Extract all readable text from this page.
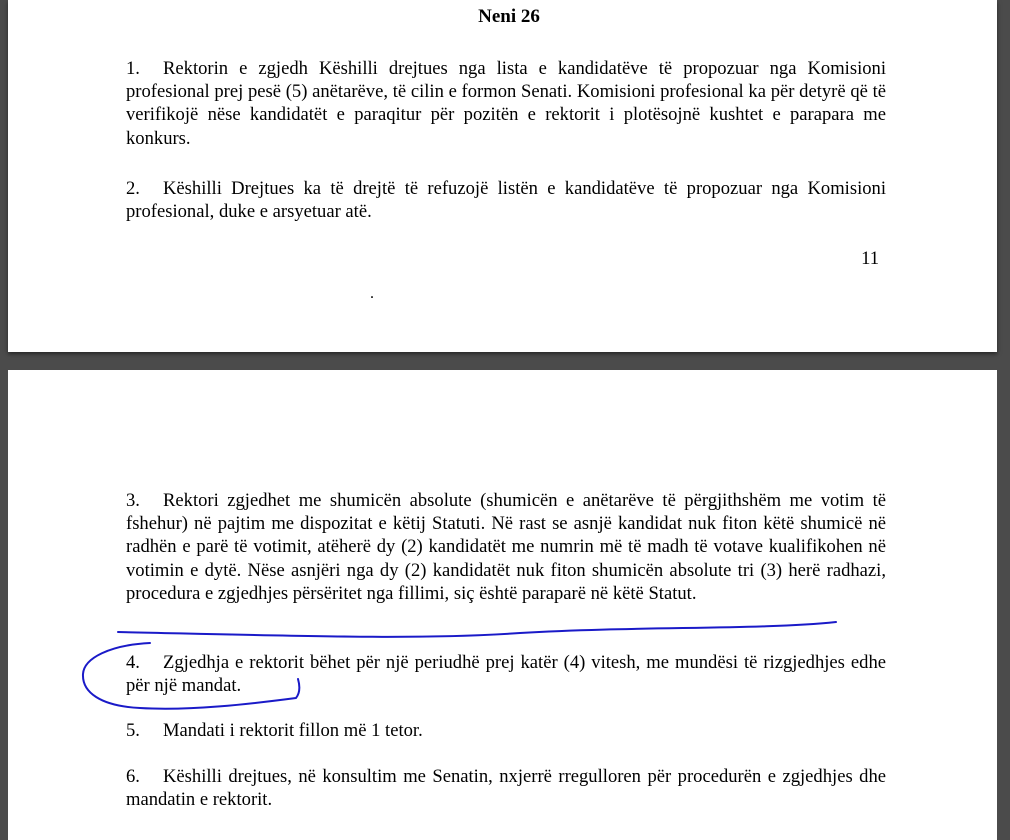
Neni 26
1. Rektorin e zgjedh Këshilli drejtues nga lista e kandidatëve të propozuar nga Komisioni profesional prej pesë (5) anëtarëve, të cilin e formon Senati. Komisioni profesional ka për detyrë që të verifikojë nëse kandidatët e paraqitur për pozitën e rektorit i plotësojnë kushtet e parapara me konkurs.
2. Këshilli Drejtues ka të drejtë të refuzojë listën e kandidatëve të propozuar nga Komisioni profesional, duke e arsyetuar atë.
11
.
3. Rektori zgjedhet me shumicën absolute (shumicën e anëtarëve të përgjithshëm me votim të fshehur) në pajtim me dispozitat e këtij Statuti. Në rast se asnjë kandidat nuk fiton këtë shumicë në radhën e parë të votimit, atëherë dy (2) kandidatët me numrin më të madh të votave kualifikohen në votimin e dytë. Nëse asnjëri nga dy (2) kandidatët nuk fiton shumicën absolute tri (3) herë radhazi, procedura e zgjedhjes përsëritet nga fillimi, siç është paraparë në këtë Statut.
4. Zgjedhja e rektorit bëhet për një periudhë prej katër (4) vitesh, me mundësi të rizgjedhjes edhe për një mandat.
5. Mandati i rektorit fillon më 1 tetor.
6. Këshilli drejtues, në konsultim me Senatin, nxjerrë rregulloren për procedurën e zgjedhjes dhe mandatin e rektorit.
